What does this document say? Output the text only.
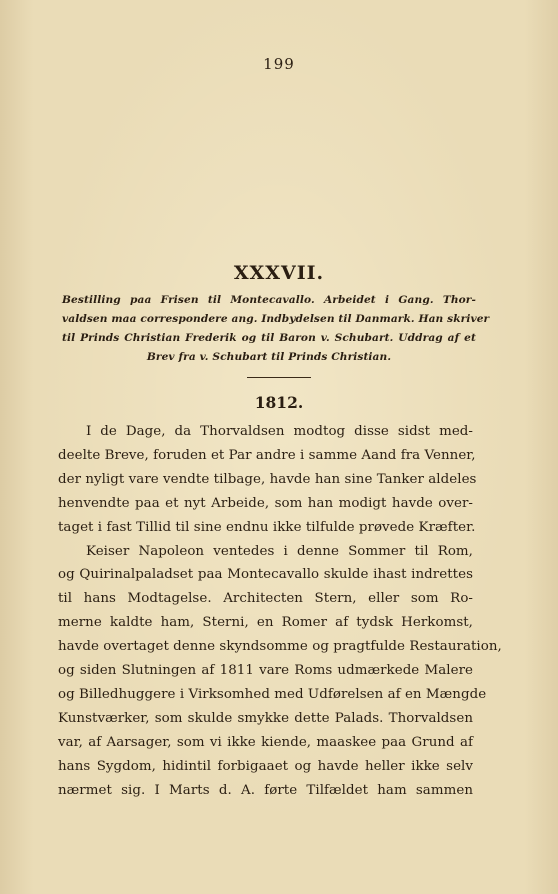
199
XXXVII.
Bestilling paa Frisen til Montecavallo. Arbeidet i Gang. Thor-
valdsen maa corresponderе ang. Indbydelsen til Danmark. Han skriver
til Prinds Christian Frederik og til Baron v. Schubart. Uddrag af et
Brev fra v. Schubart til Prinds Christian.
1812.
I de Dage, da Thorvaldsen modtog disse sidst med-
deelte Breve, foruden et Par andre i samme Aand fra Venner,
der nyligt vare vendte tilbage, havde han sine Tanker aldeles
henvendte paa et nyt Arbeide, som han modigt havde over-
taget i fast Tillid til sine endnu ikke tilfulde prøvede Kræfter.
Keiser Napoleon ventedes i denne Sommer til Rom,
og Quirinalpaladset paa Montecavallo skulde ihast indrettes
til hans Modtagelse. Architecten Stern, eller som Ro-
merne kaldte ham, Sterni, en Romer af tydsk Herkomst,
havde overtaget denne skyndsomme og pragtfulde Restauration,
og siden Slutningen af 1811 vare Roms udmærkede Malere
og Billedhuggere i Virksomhed med Udførelsen af en Mængde
Kunstværker, som skulde smykke dette Palads. Thorvaldsen
var, af Aarsager, som vi ikke kiende, maaskee paa Grund af
hans Sygdom, hidintil forbigaaet og havde heller ikke selv
nærmet sig. I Marts d. A. førte Tilfældet ham sammen
